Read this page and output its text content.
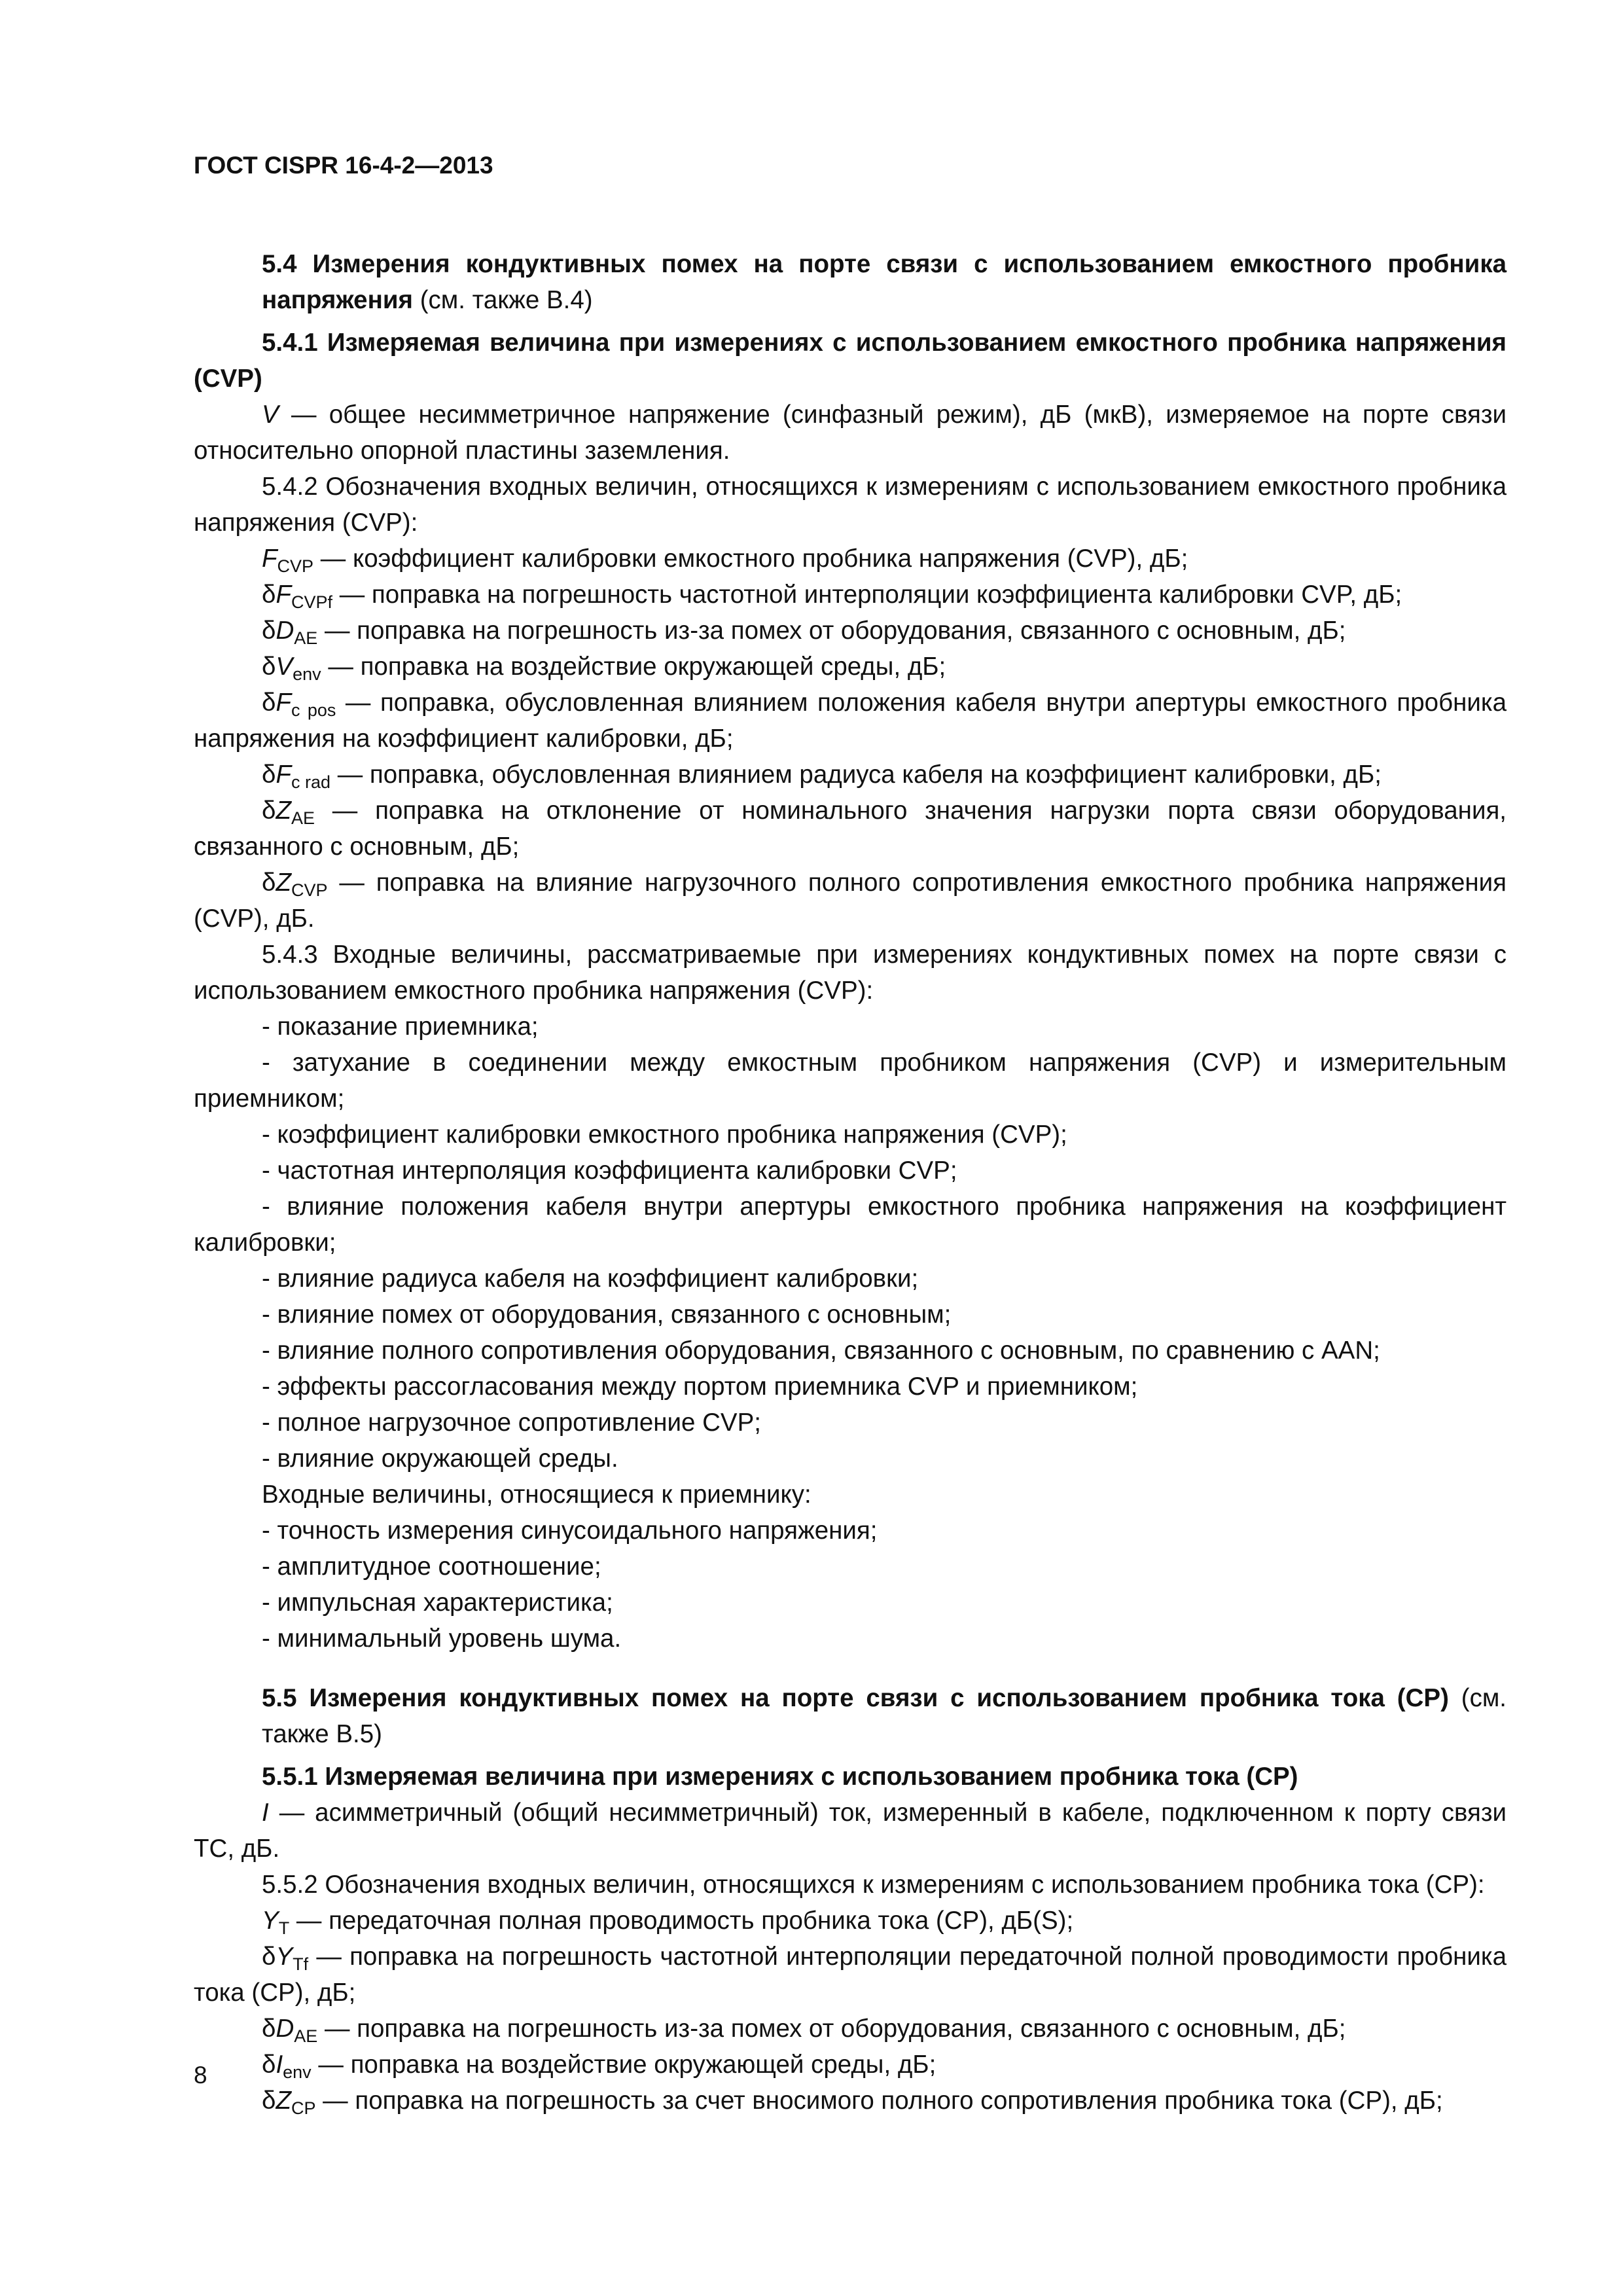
ГОСТ CISPR 16-4-2—2013

5.4 Измерения кондуктивных помех на порте связи с использованием емкостного пробника напряжения (см. также В.4)

5.4.1 Измеряемая величина при измерениях с использованием емкостного пробника напряжения (CVP)

V — общее несимметричное напряжение (синфазный режим), дБ (мкВ), измеряемое на порте связи относительно опорной пластины заземления.

5.4.2 Обозначения входных величин, относящихся к измерениям с использованием емкостного пробника напряжения (CVP):

$F_{CVP}$ — коэффициент калибровки емкостного пробника напряжения (CVP), дБ;

$\delta F_{CVPf}$ — поправка на погрешность частотной интерполяции коэффициента калибровки CVP, дБ;

$\delta D_{AE}$ — поправка на погрешность из-за помех от оборудования, связанного с основным, дБ;

$\delta V_{env}$ — поправка на воздействие окружающей среды, дБ;

$\delta F_{c pos}$ — поправка, обусловленная влиянием положения кабеля внутри апертуры емкостного пробника напряжения на коэффициент калибровки, дБ;

$\delta F_{c rad}$ — поправка, обусловленная влиянием радиуса кабеля на коэффициент калибровки, дБ;

$\delta Z_{AE}$ — поправка на отклонение от номинального значения нагрузки порта связи оборудования, связанного с основным, дБ;

$\delta Z_{CVP}$ — поправка на влияние нагрузочного полного сопротивления емкостного пробника напряжения (CVP), дБ.

5.4.3 Входные величины, рассматриваемые при измерениях кондуктивных помех на порте связи с использованием емкостного пробника напряжения (CVP):

- показание приемника;

- затухание в соединении между емкостным пробником напряжения (CVP) и измерительным приемником;

- коэффициент калибровки емкостного пробника напряжения (CVP);

- частотная интерполяция коэффициента калибровки CVP;

- влияние положения кабеля внутри апертуры емкостного пробника напряжения на коэффициент калибровки;

- влияние радиуса кабеля на коэффициент калибровки;

- влияние помех от оборудования, связанного с основным;

- влияние полного сопротивления оборудования, связанного с основным, по сравнению с AAN;

- эффекты рассогласования между портом приемника CVP и приемником;

- полное нагрузочное сопротивление CVP;

- влияние окружающей среды.

Входные величины, относящиеся к приемнику:

- точность измерения синусоидального напряжения;

- амплитудное соотношение;

- импульсная характеристика;

- минимальный уровень шума.

5.5 Измерения кондуктивных помех на порте связи с использованием пробника тока (CP) (см. также В.5)

5.5.1 Измеряемая величина при измерениях с использованием пробника тока (CP)

I — асимметричный (общий несимметричный) ток, измеренный в кабеле, подключенном к порту связи ТС, дБ.

5.5.2 Обозначения входных величин, относящихся к измерениям с использованием пробника тока (CP):

$Y_T$ — передаточная полная проводимость пробника тока (CP), дБ(S);

$\delta Y_{Tf}$ — поправка на погрешность частотной интерполяции передаточной полной проводимости пробника тока (CP), дБ;

$\delta D_{AE}$ — поправка на погрешность из-за помех от оборудования, связанного с основным, дБ;

$\delta I_{env}$ — поправка на воздействие окружающей среды, дБ;

$\delta Z_{CP}$ — поправка на погрешность за счет вносимого полного сопротивления пробника тока (CP), дБ;

8
